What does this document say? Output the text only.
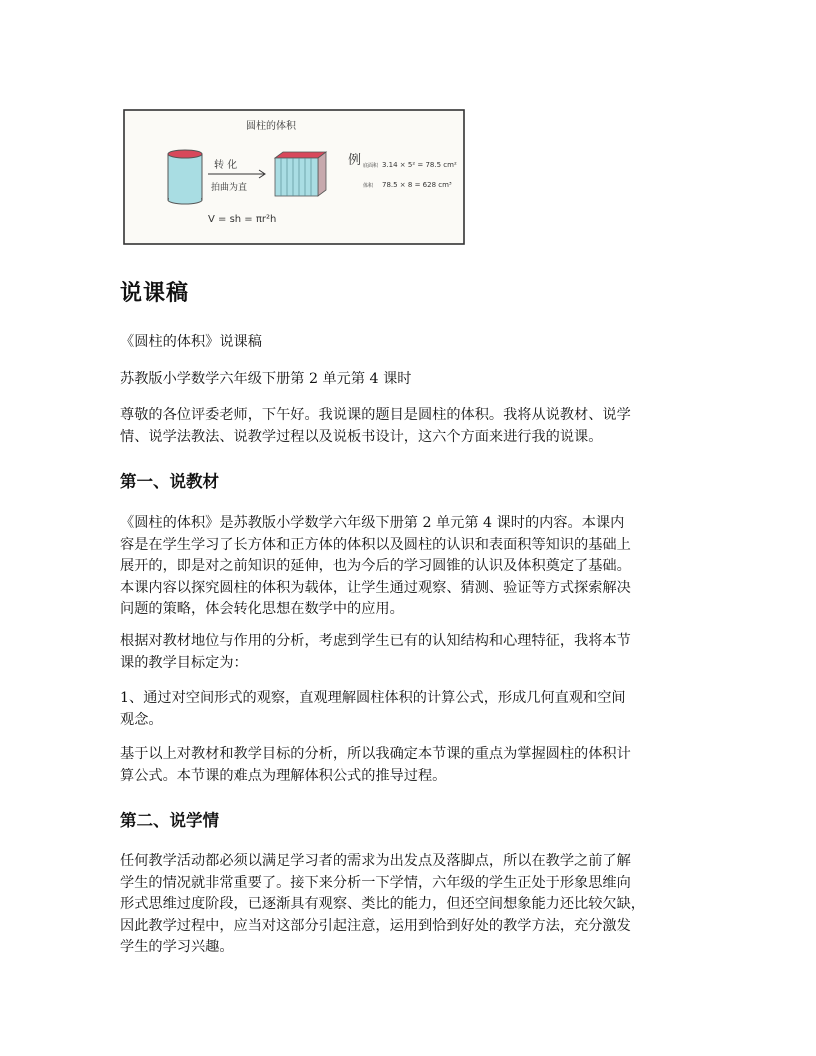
圆柱的体积
转 化
拍曲为直
例 底面积 3.14 × 5² = 78.5 cm²
体积 78.5 × 8 = 628 cm³
V = sh = πr²h
说课稿

《圆柱的体积》说课稿

苏教版小学数学六年级下册第 2 单元第 4 课时

尊敬的各位评委老师，下午好。我说课的题目是圆柱的体积。我将从说教材、说学
情、说学法教法、说教学过程以及说板书设计，这六个方面来进行我的说课。

第一、说教材

《圆柱的体积》是苏教版小学数学六年级下册第 2 单元第 4 课时的内容。本课内
容是在学生学习了长方体和正方体的体积以及圆柱的认识和表面积等知识的基础上
展开的，即是对之前知识的延伸，也为今后的学习圆锥的认识及体积奠定了基础。
本课内容以探究圆柱的体积为载体，让学生通过观察、猜测、验证等方式探索解决
问题的策略，体会转化思想在数学中的应用。

根据对教材地位与作用的分析，考虑到学生已有的认知结构和心理特征，我将本节
课的教学目标定为：

1、通过对空间形式的观察，直观理解圆柱体积的计算公式，形成几何直观和空间
观念。

基于以上对教材和教学目标的分析，所以我确定本节课的重点为掌握圆柱的体积计
算公式。本节课的难点为理解体积公式的推导过程。

第二、说学情

任何教学活动都必须以满足学习者的需求为出发点及落脚点，所以在教学之前了解
学生的情况就非常重要了。接下来分析一下学情，六年级的学生正处于形象思维向
形式思维过度阶段，已逐渐具有观察、类比的能力，但还空间想象能力还比较欠缺，
因此教学过程中，应当对这部分引起注意，运用到恰到好处的教学方法，充分激发
学生的学习兴趣。
